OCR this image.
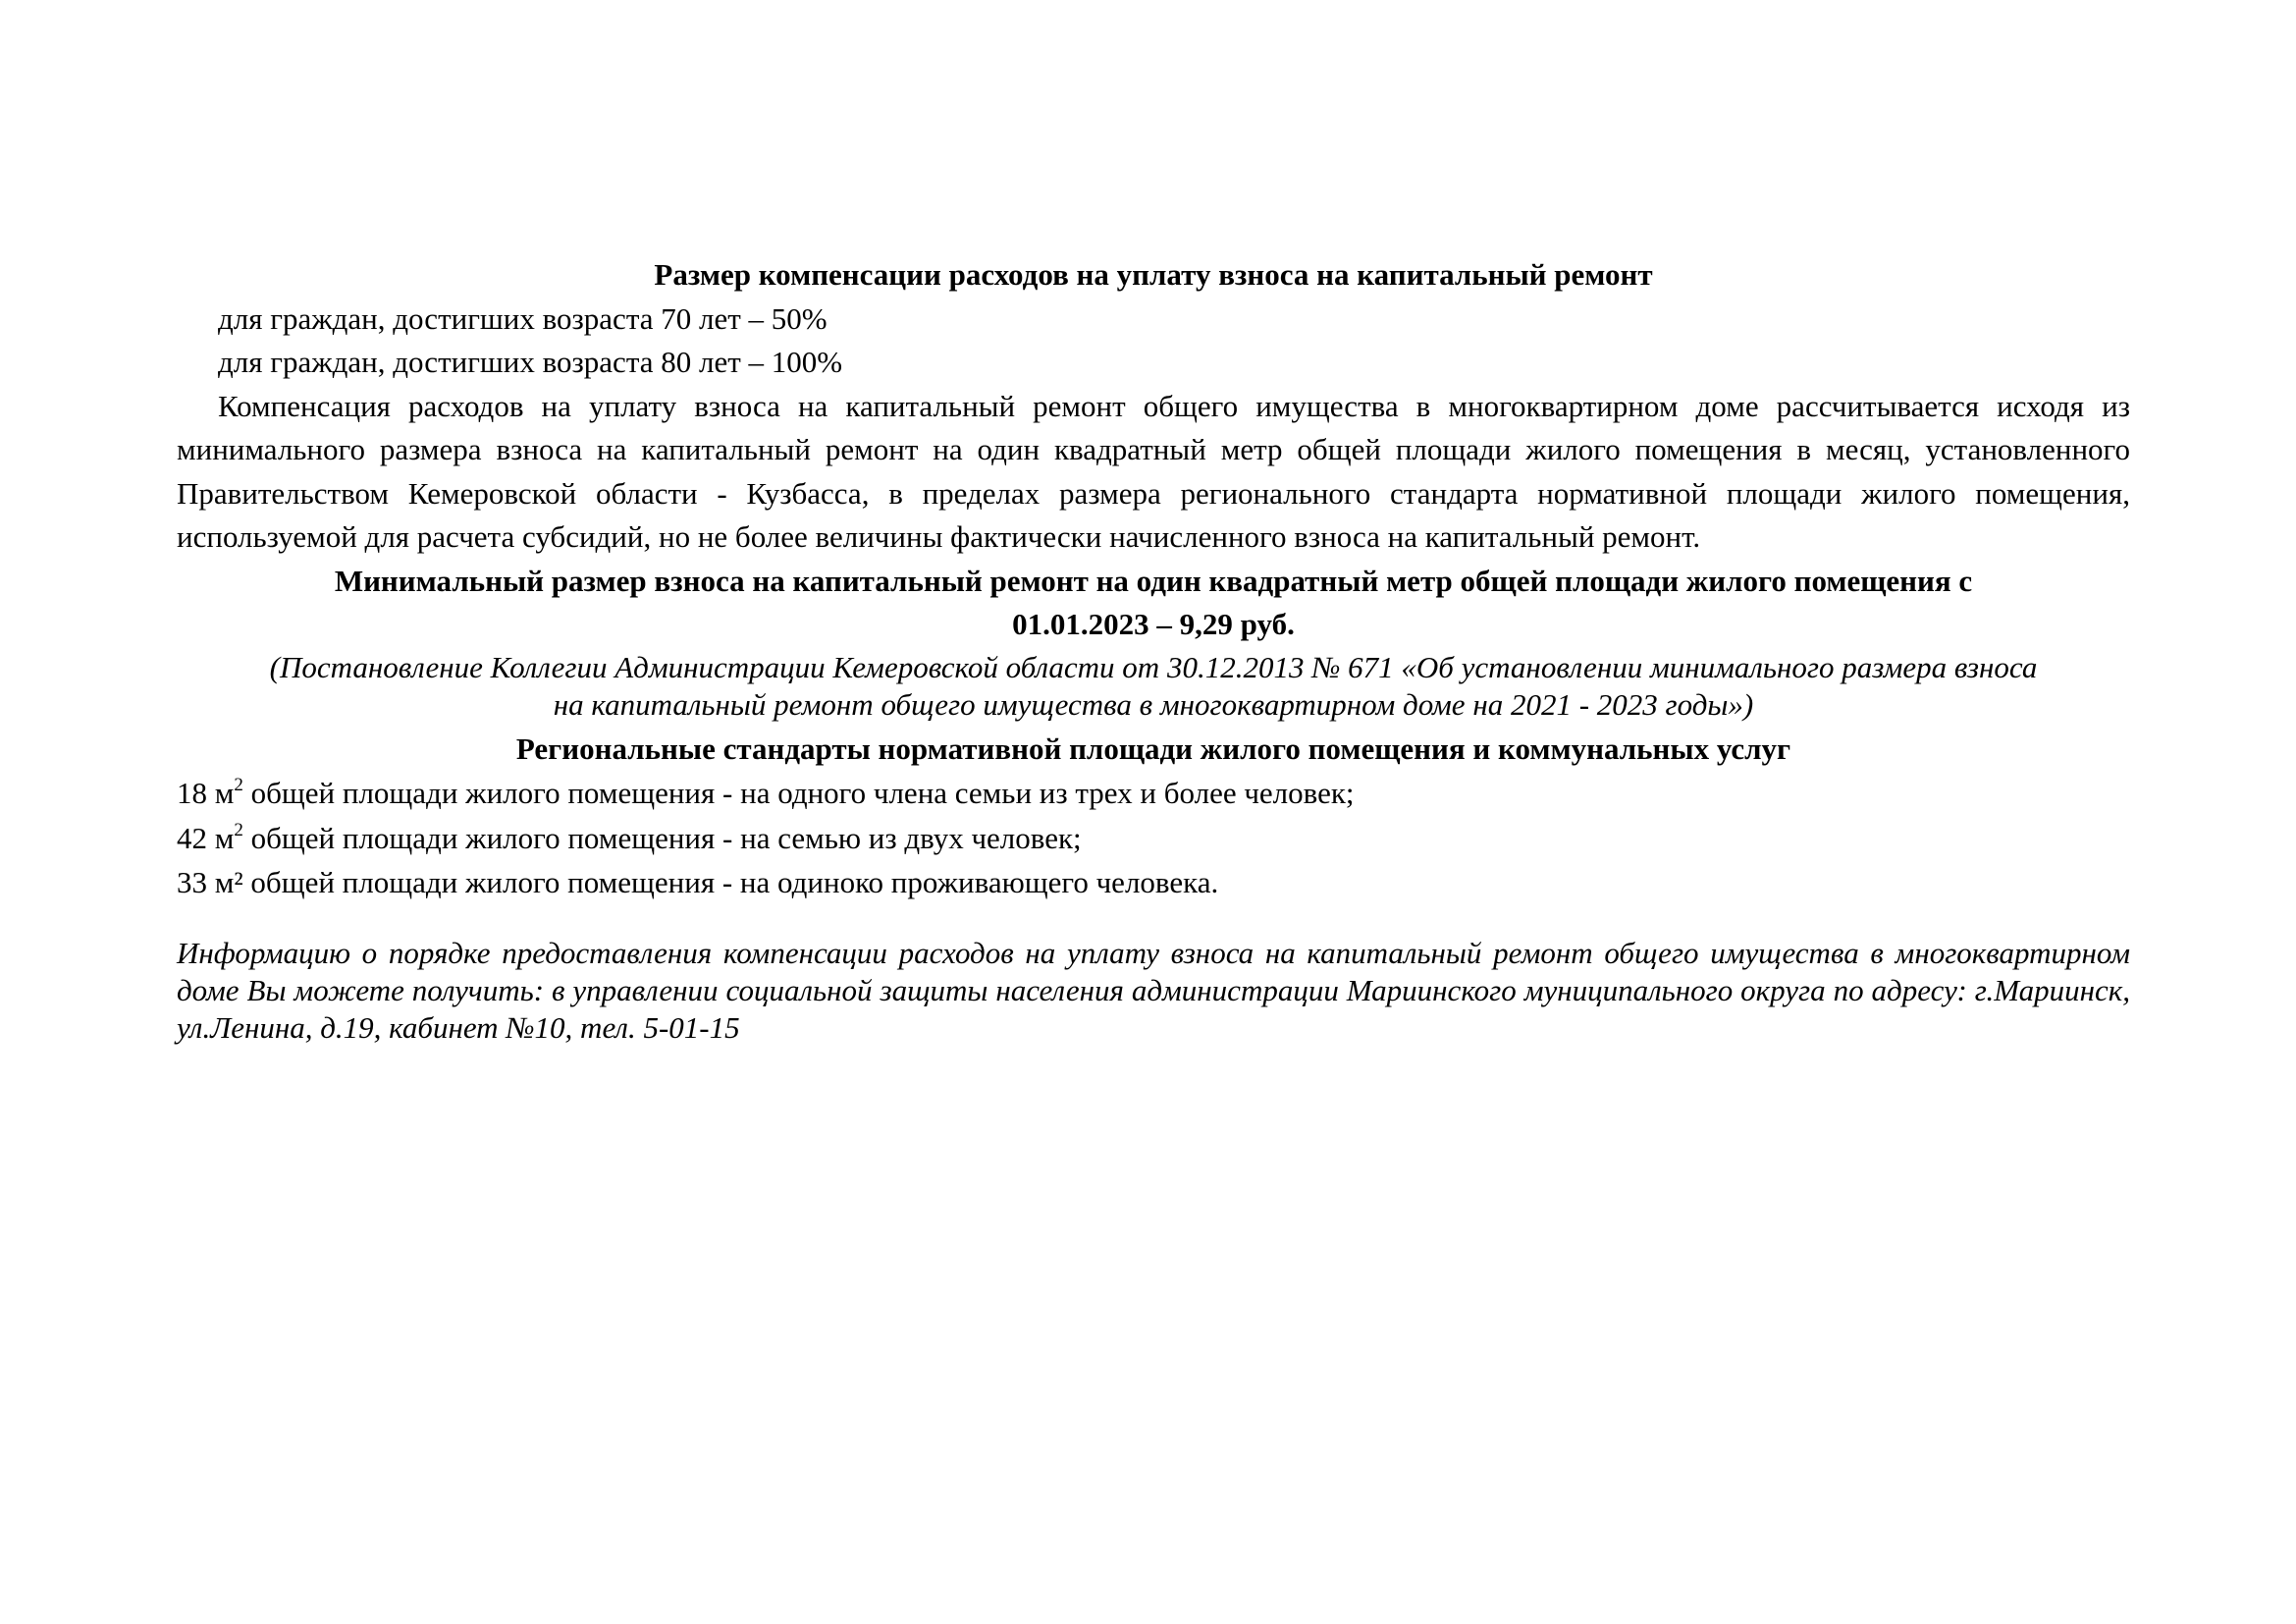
Размер компенсации расходов на уплату взноса на капитальный ремонт

для граждан, достигших возраста 70 лет – 50%

для граждан, достигших возраста 80 лет – 100%

Компенсация расходов на уплату взноса на капитальный ремонт общего имущества в многоквартирном доме рассчитывается исходя из минимального размера взноса на капитальный ремонт на один квадратный метр общей площади жилого помещения в месяц, установленного Правительством Кемеровской области - Кузбасса, в пределах размера регионального стандарта нормативной площади жилого помещения, используемой для расчета субсидий, но не более величины фактически начисленного взноса на капитальный ремонт.

Минимальный размер взноса на капитальный ремонт на один квадратный метр общей площади жилого помещения с

01.01.2023 – 9,29 руб.

(Постановление Коллегии Администрации Кемеровской области от 30.12.2013 № 671 «Об установлении минимального размера взноса

на капитальный ремонт общего имущества в многоквартирном доме на 2021 - 2023 годы»)

Региональные стандарты нормативной площади жилого помещения и коммунальных услуг

18 $м^2$ общей площади жилого помещения - на одного члена семьи из трех и более человек;

42 $м^2$ общей площади жилого помещения - на семью из двух человек;

33 м² общей площади жилого помещения - на одиноко проживающего человека.

Информацию о порядке предоставления компенсации расходов на уплату взноса на капитальный ремонт общего имущества в многоквартирном доме Вы можете получить: в управлении социальной защиты населения администрации Мариинского муниципального округа по адресу: г.Мариинск, ул.Ленина, д.19, кабинет №10, тел. 5-01-15
